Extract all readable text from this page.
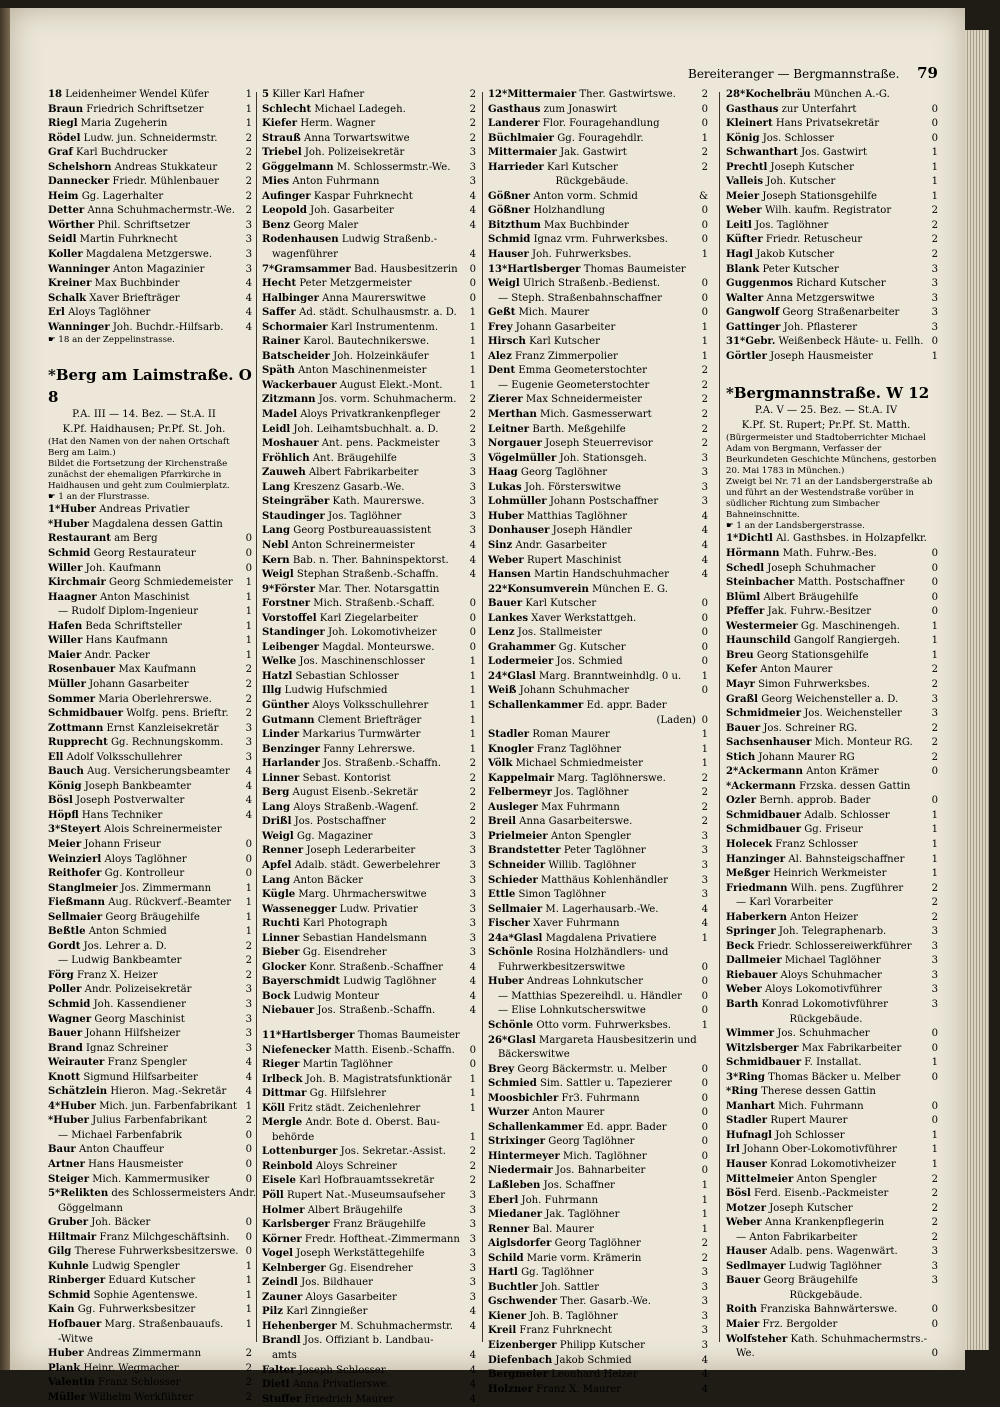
Bereiteranger — Bergmannstraße. 79
18 Leidenheimer Wendel Küfer	1
Braun Friedrich Schriftsetzer	1
Riegl Maria Zugeherin	1
Rödel Ludw. jun. Schneidermstr.	2
Graf Karl Buchdrucker	2
Schelshorn Andreas Stukkateur	2
Dannecker Friedr. Mühlenbauer	2
Heim Gg. Lagerhalter	2
Detter Anna Schuhmachermstr.-We.	2
Wörther Phil. Schriftsetzer	3
Seidl Martin Fuhrknecht	3
Koller Magdalena Metzgerswe.	3
Wanninger Anton Magazinier	3
Kreiner Max Buchbinder	4
Schalk Xaver Briefträger	4
Erl Aloys Taglöhner	4
Wanninger Joh. Buchdr.-Hilfsarb.	4
☛ 18 an der Zeppelinstrasse.
*Berg am Laimstraße. O 8
P.A. III — 14. Bez. — St.A. II
K.Pf. Haidhausen; Pr.Pf. St. Joh.
(Hat den Namen von der nahen Ortschaft Berg am Laim.)
Bildet die Fortsetzung der Kirchenstraße zunächst der ehemaligen Pfarrkirche in Haidhausen und geht zum Coulmierplatz.
☛ 1 an der Flurstrasse.
1*Huber Andreas Privatier
*Huber Magdalena dessen Gattin
Restaurant am Berg	0
Schmid Georg Restaurateur	0
Willer Joh. Kaufmann	0
Kirchmair Georg Schmiedemeister	1
Haagner Anton Maschinist	1
— Rudolf Diplom-Ingenieur	1
Hafen Beda Schriftsteller	1
Willer Hans Kaufmann	1
Maier Andr. Packer	1
Rosenbauer Max Kaufmann	2
Müller Johann Gasarbeiter	2
Sommer Maria Oberlehrerswe.	2
Schmidbauer Wolfg. pens. Brieftr.	2
Zottmann Ernst Kanzleisekretär	3
Rupprecht Gg. Rechnungskomm.	3
Ell Adolf Volksschullehrer	3
Bauch Aug. Versicherungsbeamter	4
König Joseph Bankbeamter	4
Bösl Joseph Postverwalter	4
Höpfl Hans Techniker	4
3*Steyert Alois Schreinermeister
Meier Johann Friseur	0
Weinzierl Aloys Taglöhner	0
Reithofer Gg. Kontrolleur	0
Stanglmeier Jos. Zimmermann	1
Fießmann Aug. Rückverf.-Beamter	1
Sellmaier Georg Bräugehilfe	1
Beßtle Anton Schmied	1
Gordt Jos. Lehrer a. D.	2
— Ludwig Bankbeamter	2
Förg Franz X. Heizer	2
Poller Andr. Polizeisekretär	3
Schmid Joh. Kassendiener	3
Wagner Georg Maschinist	3
Bauer Johann Hilfsheizer	3
Brand Ignaz Schreiner	3
Weirauter Franz Spengler	4
Knott Sigmund Hilfsarbeiter	4
Schätzlein Hieron. Mag.-Sekretär	4
4*Huber Mich. jun. Farbenfabrikant 1
*Huber Julius Farbenfabrikant	2
— Michael Farbenfabrik	0
Baur Anton Chauffeur	0
Artner Hans Hausmeister	0
Steiger Mich. Kammermusiker	0
5*Relikten des Schlossermeisters Andr.
Göggelmann
Gruber Joh. Bäcker	0
Hiltmair Franz Milchgeschäftsinh.	0
Gilg Therese Fuhrwerksbesitzerswe. 0
Kuhnle Ludwig Spengler	1
Rinberger Eduard Kutscher	1
Schmid Sophie Agentenswe.	1
Kain Gg. Fuhrwerksbesitzer	1
Hofbauer Marg. Straßenbauaufs.	1
-Witwe
Huber Andreas Zimmermann	2
Plank Heinr. Wegmacher	2
Valentin Franz Schlosser	2
Müller Wilhelm Werkführer	2
5 Killer Karl Hafner	2
Schlecht Michael Ladegeh.	2
Kiefer Herm. Wagner	2
Strauß Anna Torwartswitwe	2
Triebel Joh. Polizeisekretär	3
Göggelmann M. Schlossermstr.-We.	3
Mies Anton Fuhrmann	3
Aufinger Kaspar Fuhrknecht	4
Leopold Joh. Gasarbeiter	4
Benz Georg Maler	4
Rodenhausen Ludwig Straßenb.-
wagenführer	4
7*Gramsammer Bad. Hausbesitzerin	0
Hecht Peter Metzgermeister	0
Halbinger Anna Maurerswitwe	0
Saffer Ad. städt. Schulhausmstr. a. D.	1
Schormaier Karl Instrumentenm.	1
Rainer Karol. Bautechnikerswe.	1
Batscheider Joh. Holzeinkäufer	1
Späth Anton Maschinenmeister	1
Wackerbauer August Elekt.-Mont.	1
Zitzmann Jos. vorm. Schuhmacherm.	2
Madel Aloys Privatkrankenpfleger	2
Leidl Joh. Leihamtsbuchhalt. a. D.	2
Moshauer Ant. pens. Packmeister	3
Fröhlich Ant. Bräugehilfe	3
Zauweh Albert Fabrikarbeiter	3
Lang Kreszenz Gasarb.-We.	3
Steingräber Kath. Maurerswe.	3
Staudinger Jos. Taglöhner	3
Lang Georg Postbureauassistent	3
Nebl Anton Schreinermeister	4
Kern Bab. n. Ther. Bahninspektorst.	4
Weigl Stephan Straßenb.-Schaffn.	4
9*Förster Mar. Ther. Notarsgattin
Forstner Mich. Straßenb.-Schaff.	0
Vorstoffel Karl Ziegelarbeiter	0
Standinger Joh. Lokomotivheizer	0
Leibenger Magdal. Monteurswe.	0
Welke Jos. Maschinenschlosser	1
Hatzl Sebastian Schlosser	1
Illg Ludwig Hufschmied	1
Günther Aloys Volksschullehrer	1
Gutmann Clement Briefträger	1
Linder Markarius Turmwärter	1
Benzinger Fanny Lehrerswe.	1
Harlander Jos. Straßenb.-Schaffn.	2
Linner Sebast. Kontorist	2
Berg August Eisenb.-Sekretär	2
Lang Aloys Straßenb.-Wagenf.	2
Drißl Jos. Postschaffner	2
Weigl Gg. Magaziner	3
Renner Joseph Lederarbeiter	3
Apfel Adalb. städt. Gewerbelehrer	3
Lang Anton Bäcker	3
Kügle Marg. Uhrmacherswitwe	3
Wassenegger Ludw. Privatier	3
Ruchti Karl Photograph	3
Linner Sebastian Handelsmann	3
Bieber Gg. Eisendreher	3
Glocker Konr. Straßenb.-Schaffner	4
Bayerschmidt Ludwig Taglöhner	4
Bock Ludwig Monteur	4
Niebauer Jos. Straßenb.-Schaffn.	4
11*Hartlsberger Thomas Baumeister
Niefenecker Matth. Eisenb.-Schaffn.	0
Rieger Martin Taglöhner	0
Irlbeck Joh. B. Magistratsfunktionär	1
Dittmar Gg. Hilfslehrer	1
Köll Fritz städt. Zeichenlehrer	1
Mergle Andr. Bote d. Oberst. Bau-
behörde	1
Lottenburger Jos. Sekretar.-Assist.	2
Reinbold Aloys Schreiner	2
Eisele Karl Hofbrauamtssekretär	2
Pöll Rupert Nat.-Museumsaufseher	3
Holmer Albert Bräugehilfe	3
Karlsberger Franz Bräugehilfe	3
Körner Fredr. Hoftheat.-Zimmermann 3
Vogel Joseph Werkstättegehilfe	3
Kelnberger Gg. Eisendreher	3
Zeindl Jos. Bildhauer	3
Zauner Aloys Gasarbeiter	3
Pilz Karl Zinngießer	4
Hehenberger M. Schuhmachermstr.	4
Brandl Jos. Offiziant b. Landbau-
amts	4
Falter Joseph Schlosser	4
Dietl Anna Privatierswe.	4
Stuffer Friedrich Maurer	4
12*Mittermaier Ther. Gastwirtswe.	2
Gasthaus zum Jonaswirt	0
Landerer Flor. Fouragehandlung	0
Büchlmaier Gg. Fouragehdlr.	1
Mittermaier Jak. Gastwirt	2
Harrieder Karl Kutscher	2
Rückgebäude.
Gößner Anton vorm. Schmid	&
Gößner Holzhandlung	0
Bitzthum Max Buchbinder	0
Schmid Ignaz vrm. Fuhrwerksbes.	0
Hauser Joh. Fuhrwerksbes.	1
13*Hartlsberger Thomas Baumeister
Weigl Ulrich Straßenb.-Bedienst.	0
— Steph. Straßenbahnschaffner	0
Geßt Mich. Maurer	0
Frey Johann Gasarbeiter	1
Hirsch Karl Kutscher	1
Alez Franz Zimmerpolier	1
Dent Emma Geometerstochter	2
— Eugenie Geometerstochter	2
Zierer Max Schneidermeister	2
Merthan Mich. Gasmesserwart	2
Leitner Barth. Meßgehilfe	2
Norgauer Joseph Steuerrevisor	2
Vögelmüller Joh. Stationsgeh.	3
Haag Georg Taglöhner	3
Lukas Joh. Försterswitwe	3
Lohmüller Johann Postschaffner	3
Huber Matthias Taglöhner	4
Donhauser Joseph Händler	4
Sinz Andr. Gasarbeiter	4
Weber Rupert Maschinist	4
Hansen Martin Handschuhmacher	4
22*Konsumverein München E. G.
Bauer Karl Kutscher	0
Lankes Xaver Werkstattgeh.	0
Lenz Jos. Stallmeister	0
Grahammer Gg. Kutscher	0
Lodermeier Jos. Schmied	0
24*Glasl Marg. Branntweinhdlg. 0 u.	1
Weiß Johann Schuhmacher	0
Schallenkammer Ed. appr. Bader
(Laden) 0
Stadler Roman Maurer	1
Knogler Franz Taglöhner	1
Völk Michael Schmiedmeister	1
Kappelmair Marg. Taglöhnerswe.	2
Felbermeyr Jos. Taglöhner	2
Ausleger Max Fuhrmann	2
Breil Anna Gasarbeiterswe.	2
Prielmeier Anton Spengler	3
Brandstetter Peter Taglöhner	3
Schneider Willib. Taglöhner	3
Schieder Matthäus Kohlenhändler	3
Ettle Simon Taglöhner	3
Sellmaier M. Lagerhausarb.-We.	4
Fischer Xaver Fuhrmann	4
24a*Glasl Magdalena Privatiere	1
Schönle Rosina Holzhändlers- und
Fuhrwerkbesitzerswitwe	0
Huber Andreas Lohnkutscher	0
— Matthias Spezereihdl. u. Händler	0
— Elise Lohnkutscherswitwe	0
Schönle Otto vorm. Fuhrwerksbes.	1
26*Glasl Margareta Hausbesitzerin und
Bäckerswitwe
Brey Georg Bäckermstr. u. Melber	0
Schmied Sim. Sattler u. Tapezierer	0
Moosbichler Fr3. Fuhrmann	0
Wurzer Anton Maurer	0
Schallenkammer Ed. appr. Bader	0
Strixinger Georg Taglöhner	0
Hintermeyer Mich. Taglöhner	0
Niedermair Jos. Bahnarbeiter	0
Laßleben Jos. Schaffner	1
Eberl Joh. Fuhrmann	1
Miedaner Jak. Taglöhner	1
Renner Bal. Maurer	1
Aiglsdorfer Georg Taglöhner	2
Schild Marie vorm. Krämerin	2
Hartl Gg. Taglöhner	3
Buchtler Joh. Sattler	3
Gschwender Ther. Gasarb.-We.	3
Kiener Joh. B. Taglöhner	3
Kreil Franz Fuhrknecht	3
Eizenberger Philipp Kutscher	3
Diefenbach Jakob Schmied	4
Bergmeier Leonhard Heizer	4
Holzner Franz X. Maurer	4
28*Kochelbräu München A.-G.
Gasthaus zur Unterfahrt	0
Kleinert Hans Privatsekretär	0
König Jos. Schlosser	0
Schwanthart Jos. Gastwirt	1
Prechtl Joseph Kutscher	1
Valleis Joh. Kutscher	1
Meier Joseph Stationsgehilfe	1
Weber Wilh. kaufm. Registrator	2
Leitl Jos. Taglöhner	2
Küfter Friedr. Retuscheur	2
Hagl Jakob Kutscher	2
Blank Peter Kutscher	3
Guggenmos Richard Kutscher	3
Walter Anna Metzgerswitwe	3
Gangwolf Georg Straßenarbeiter	3
Gattinger Joh. Pflasterer	3
31*Gebr. Weißenbeck Häute- u. Fellh. 0
Görtler Joseph Hausmeister	1
*Bergmannstraße. W 12
P.A. V — 25. Bez. — St.A. IV
K.Pf. St. Rupert; Pr.Pf. St. Matth.
(Bürgermeister und Stadtoberrichter Michael Adam von Bergmann, Verfasser der Beurkundeten Geschichte Münchens, gestorben 20. Mai 1783 in München.)
Zweigt bei Nr. 71 an der Landsbergerstraße ab und führt an der Westendstraße vorüber in südlicher Richtung zum Simbacher Bahneinschnitte.
☛ 1 an der Landsbergerstrasse.
1*Dichtl Al. Gasthsbes. in Holzapfelkr.
Hörmann Math. Fuhrw.-Bes.	0
Schedl Joseph Schuhmacher	0
Steinbacher Matth. Postschaffner	0
Blüml Albert Bräugehilfe	0
Pfeffer Jak. Fuhrw.-Besitzer	0
Westermeier Gg. Maschinengeh.	1
Haunschild Gangolf Rangiergeh.	1
Breu Georg Stationsgehilfe	1
Kefer Anton Maurer	2
Mayr Simon Fuhrwerksbes.	2
Graßl Georg Weichensteller a. D.	3
Schmidmeier Jos. Weichensteller	3
Bauer Jos. Schreiner RG.	2
Sachsenhauser Mich. Monteur RG.	2
Stich Johann Maurer RG	2
2*Ackermann Anton Krämer	0
*Ackermann Frzska. dessen Gattin
Ozler Bernh. approb. Bader	0
Schmidbauer Adalb. Schlosser	1
Schmidbauer Gg. Friseur	1
Holecek Franz Schlosser	1
Hanzinger Al. Bahnsteigschaffner	1
Meßger Heinrich Werkmeister	1
Friedmann Wilh. pens. Zugführer	2
— Karl Vorarbeiter	2
Haberkern Anton Heizer	2
Springer Joh. Telegraphenarb.	3
Beck Friedr. Schlossereiwerkführer	3
Dallmeier Michael Taglöhner	3
Riebauer Aloys Schuhmacher	3
Weber Aloys Lokomotivführer	3
Barth Konrad Lokomotivführer	3
Rückgebäude.
Wimmer Jos. Schuhmacher	0
Witzlsberger Max Fabrikarbeiter	0
Schmidbauer F. Installat.	1
3*Ring Thomas Bäcker u. Melber	0
*Ring Therese dessen Gattin
Manhart Mich. Fuhrmann	0
Stadler Rupert Maurer	0
Hufnagl Joh Schlosser	1
Irl Johann Ober-Lokomotivführer	1
Hauser Konrad Lokomotivheizer	1
Mittelmeier Anton Spengler	2
Bösl Ferd. Eisenb.-Packmeister	2
Motzer Joseph Kutscher	2
Weber Anna Krankenpflegerin	2
— Anton Fabrikarbeiter	2
Hauser Adalb. pens. Wagenwärt.	3
Sedlmayer Ludwig Taglöhner	3
Bauer Georg Bräugehilfe	3
Rückgebäude.
Roith Franziska Bahnwärterswe.	0
Maier Frz. Bergolder	0
Wolfsteher Kath. Schuhmachermstrs.-
We.	0
